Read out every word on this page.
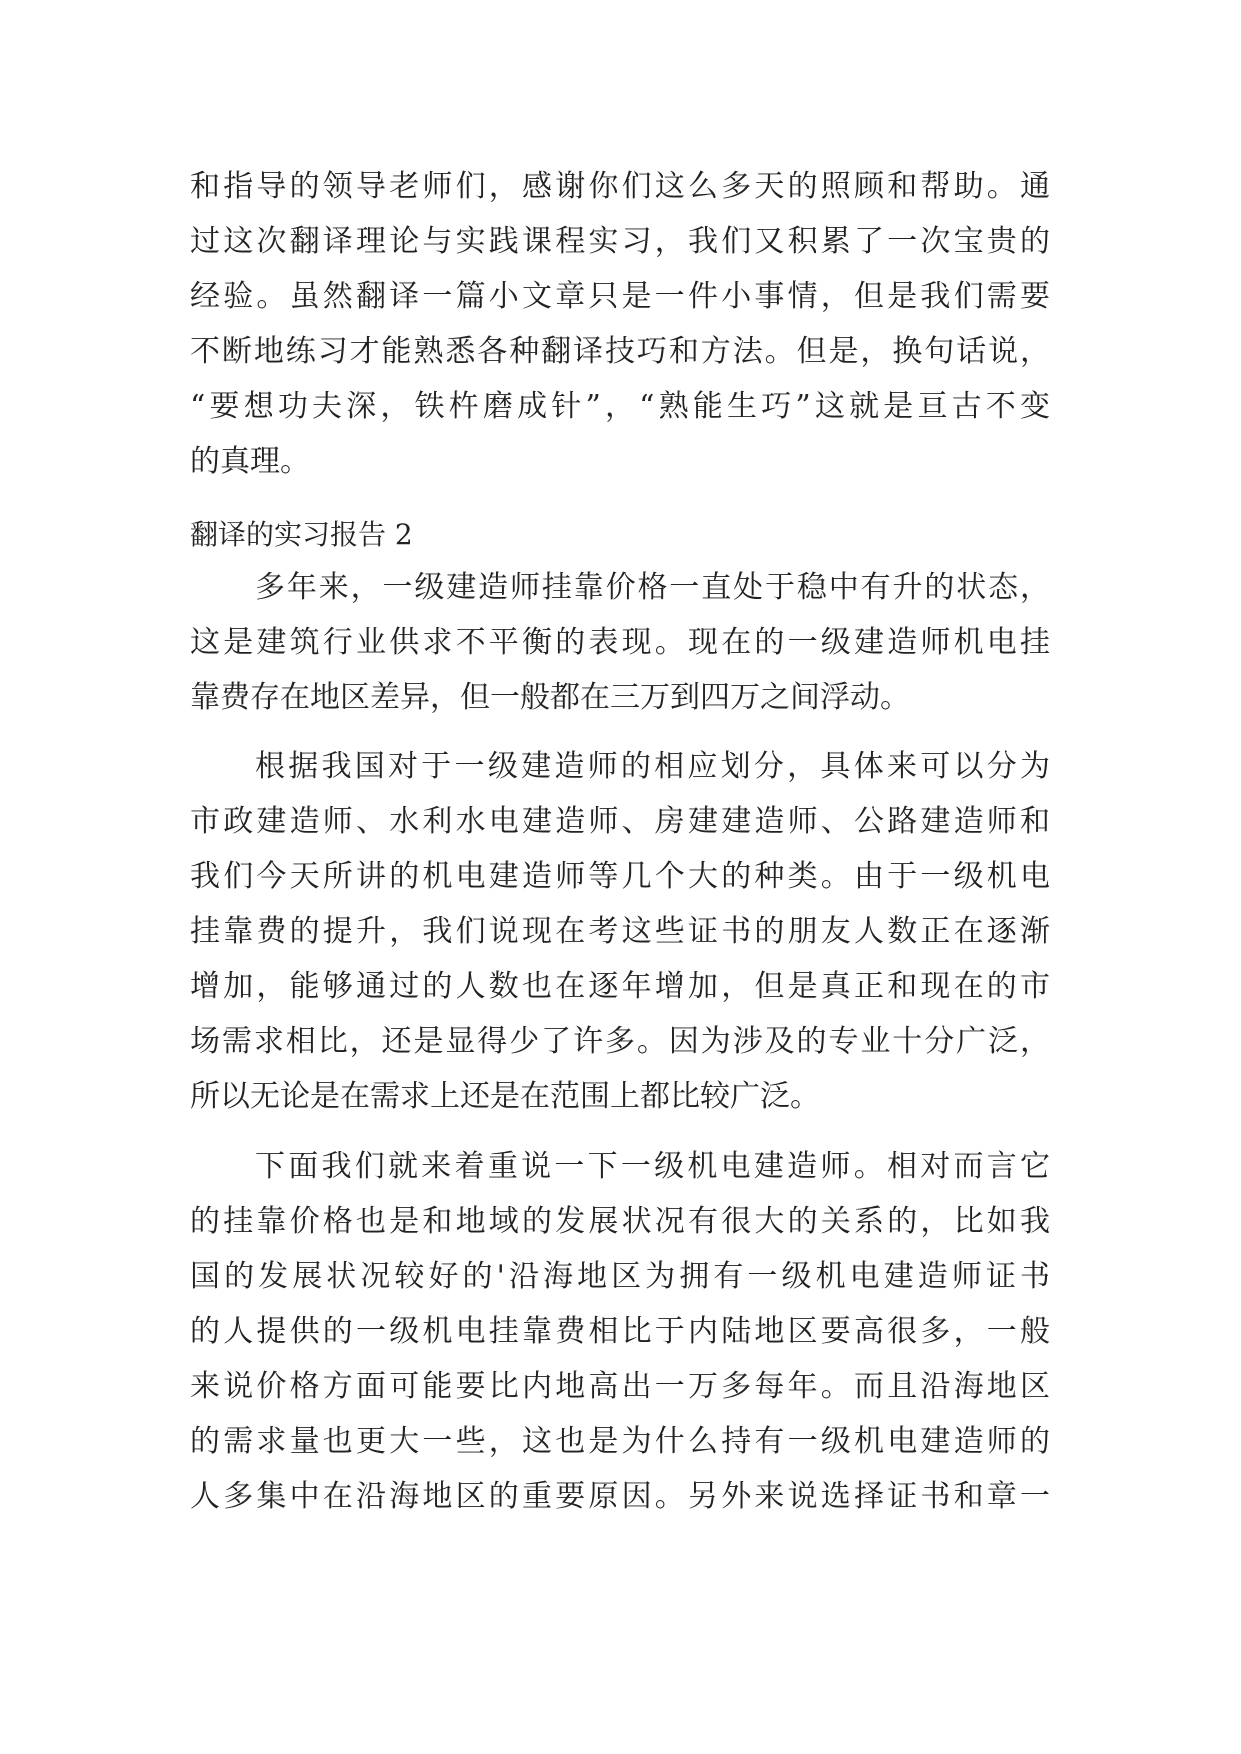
和指导的领导老师们，感谢你们这么多天的照顾和帮助。通
过这次翻译理论与实践课程实习，我们又积累了一次宝贵的
经验。虽然翻译一篇小文章只是一件小事情，但是我们需要
不断地练习才能熟悉各种翻译技巧和方法。但是，换句话说，
“要想功夫深，铁杵磨成针”，“熟能生巧”这就是亘古不变
的真理。
翻译的实习报告 2
多年来，一级建造师挂靠价格一直处于稳中有升的状态，
这是建筑行业供求不平衡的表现。现在的一级建造师机电挂
靠费存在地区差异，但一般都在三万到四万之间浮动。
根据我国对于一级建造师的相应划分，具体来可以分为
市政建造师、水利水电建造师、房建建造师、公路建造师和
我们今天所讲的机电建造师等几个大的种类。由于一级机电
挂靠费的提升，我们说现在考这些证书的朋友人数正在逐渐
增加，能够通过的人数也在逐年增加，但是真正和现在的市
场需求相比，还是显得少了许多。因为涉及的专业十分广泛，
所以无论是在需求上还是在范围上都比较广泛。
下面我们就来着重说一下一级机电建造师。相对而言它
的挂靠价格也是和地域的发展状况有很大的关系的，比如我
国的发展状况较好的'沿海地区为拥有一级机电建造师证书
的人提供的一级机电挂靠费相比于内陆地区要高很多，一般
来说价格方面可能要比内地高出一万多每年。而且沿海地区
的需求量也更大一些，这也是为什么持有一级机电建造师的
人多集中在沿海地区的重要原因。另外来说选择证书和章一
